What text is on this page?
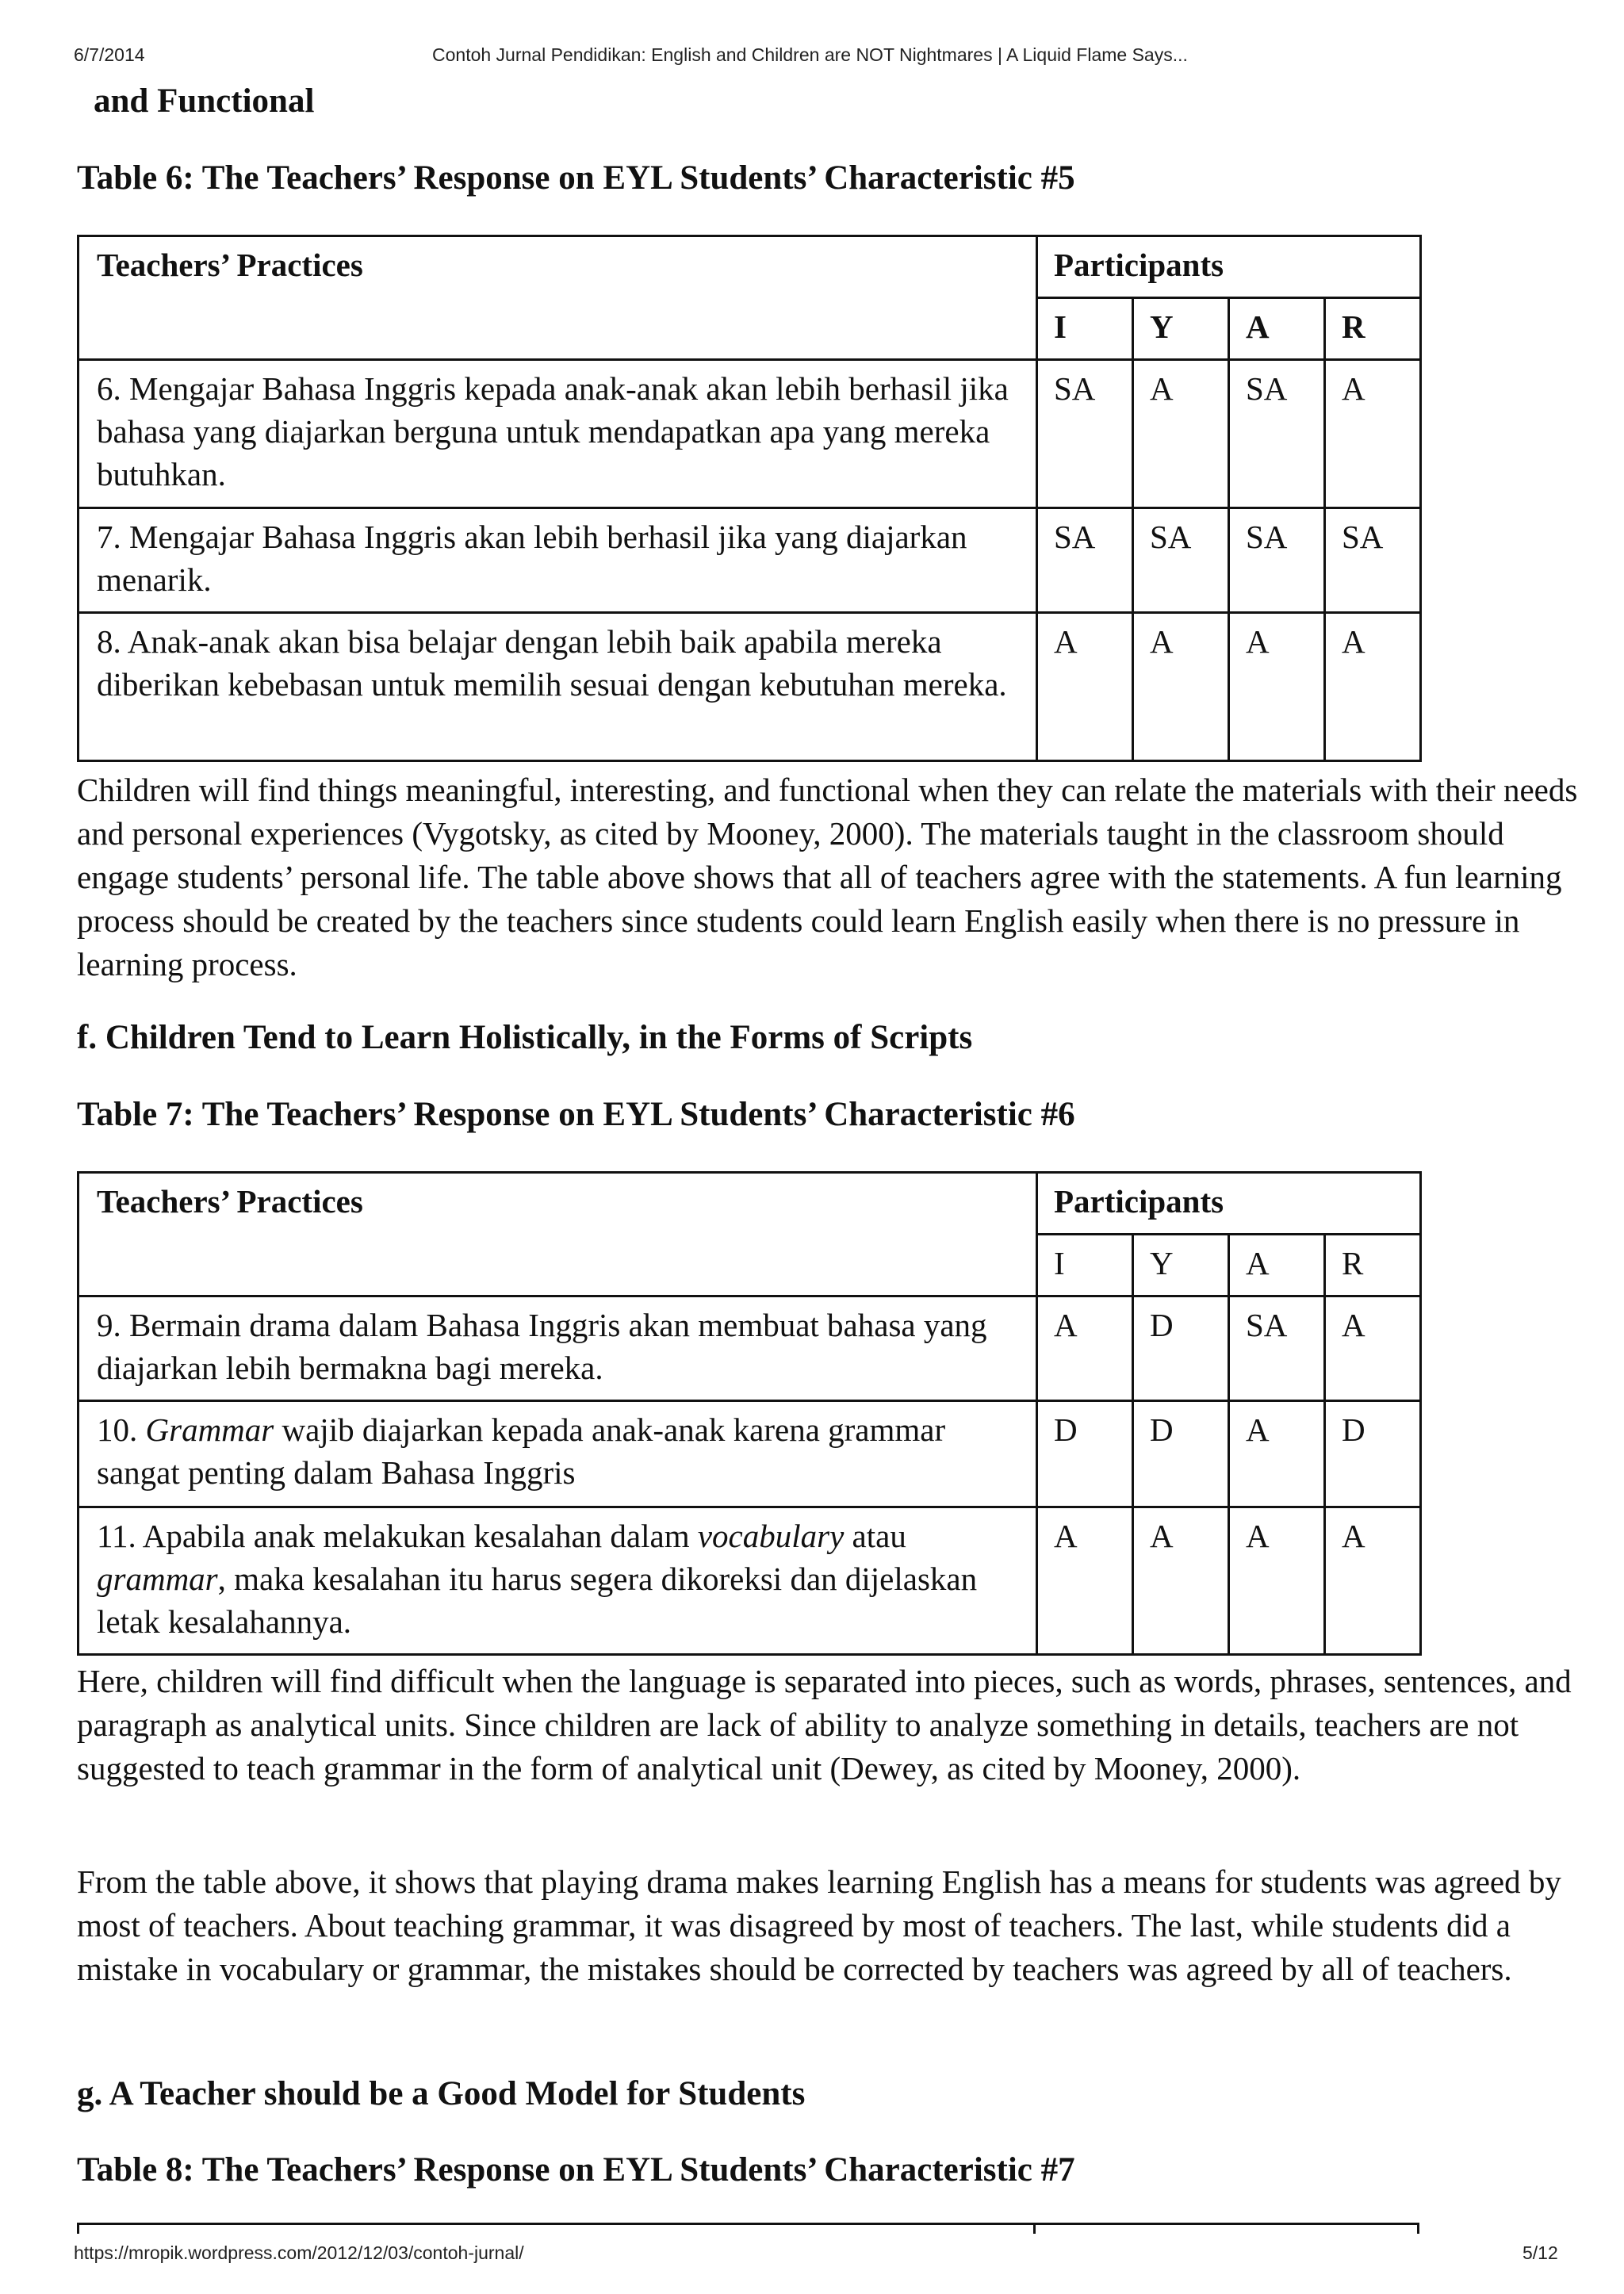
6/7/2014	Contoh Jurnal Pendidikan: English and Children are NOT Nightmares | A Liquid Flame Says...
and Functional
Table 6: The Teachers’ Response on EYL Students’ Characteristic #5
Teachers’ Practices	Participants			
	I	Y	A	R
6. Mengajar Bahasa Inggris kepada anak-anak akan lebih berhasil jika bahasa yang diajarkan berguna untuk mendapatkan apa yang mereka butuhkan.	SA	A	SA	A
7. Mengajar Bahasa Inggris akan lebih berhasil jika yang diajarkan menarik.	SA	SA	SA	SA
8. Anak-anak akan bisa belajar dengan lebih baik apabila mereka diberikan kebebasan untuk memilih sesuai dengan kebutuhan mereka.	A	A	A	A
Children will find things meaningful, interesting, and functional when they can relate the materials with their needs and personal experiences (Vygotsky, as cited by Mooney, 2000). The materials taught in the classroom should engage students’ personal life. The table above shows that all of teachers agree with the statements. A fun learning process should be created by the teachers since students could learn English easily when there is no pressure in learning process.
f. Children Tend to Learn Holistically, in the Forms of Scripts
Table 7: The Teachers’ Response on EYL Students’ Characteristic #6
Teachers’ Practices	Participants			
	I	Y	A	R
9. Bermain drama dalam Bahasa Inggris akan membuat bahasa yang diajarkan lebih bermakna bagi mereka.	A	D	SA	A
10. Grammar wajib diajarkan kepada anak-anak karena grammar sangat penting dalam Bahasa Inggris	D	D	A	D
11. Apabila anak melakukan kesalahan dalam vocabulary atau grammar, maka kesalahan itu harus segera dikoreksi dan dijelaskan letak kesalahannya.	A	A	A	A
Here, children will find difficult when the language is separated into pieces, such as words, phrases, sentences, and paragraph as analytical units. Since children are lack of ability to analyze something in details, teachers are not suggested to teach grammar in the form of analytical unit (Dewey, as cited by Mooney, 2000).
From the table above, it shows that playing drama makes learning English has a means for students was agreed by most of teachers. About teaching grammar, it was disagreed by most of teachers. The last, while students did a mistake in vocabulary or grammar, the mistakes should be corrected by teachers was agreed by all of teachers.
g. A Teacher should be a Good Model for Students
Table 8: The Teachers’ Response on EYL Students’ Characteristic #7
https://mropik.wordpress.com/2012/12/03/contoh-jurnal/	5/12
